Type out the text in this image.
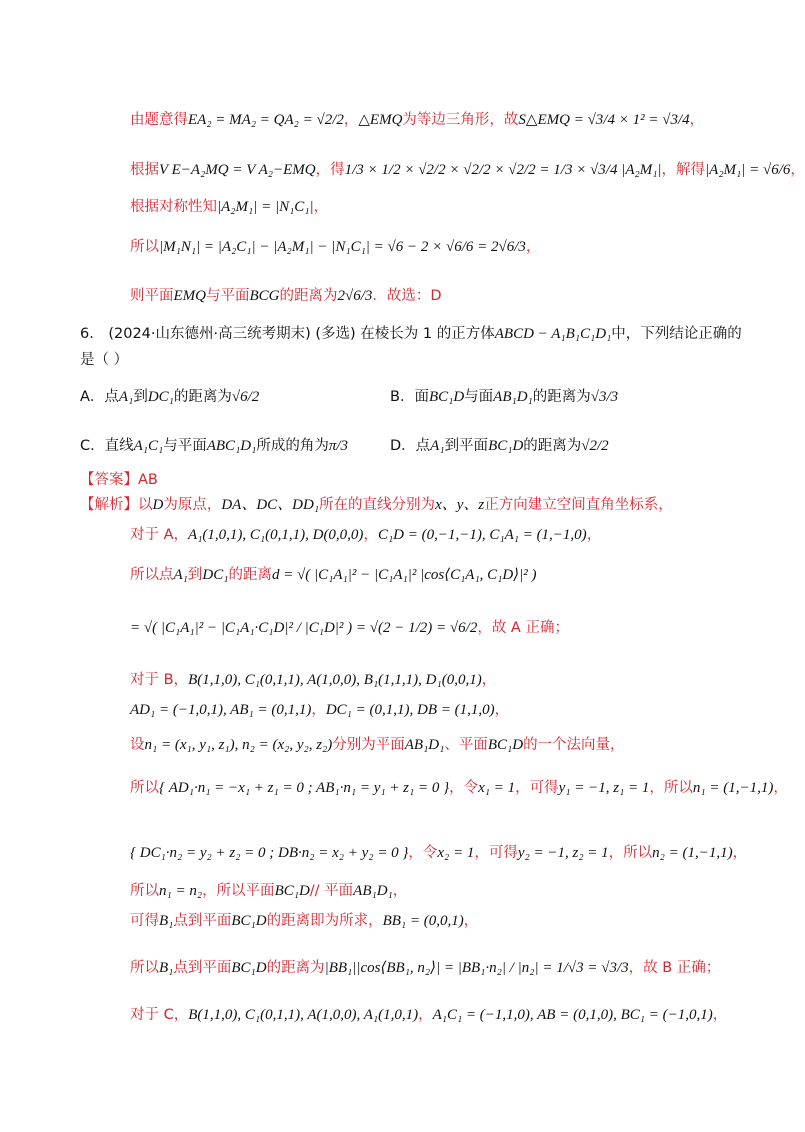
由题意得EA₂ = MA₂ = QA₂ = √2/2，△EMQ为等边三角形，故S△EMQ = √3/4 × 1² = √3/4，
根据V E−A₂MQ = V A₂−EMQ，得1/3 × 1/2 × √2/2 × √2/2 × √2/2 = 1/3 × √3/4 |A₂M₁|，解得|A₂M₁| = √6/6，
根据对称性知|A₂M₁| = |N₁C₁|，
所以|M₁N₁| = |A₂C₁| − |A₂M₁| − |N₁C₁| = √6 − 2 × √6/6 = 2√6/3，
则平面EMQ与平面BCG的距离为2√6/3．故选：D
6． (2024·山东德州·高三统考期末) (多选) 在棱长为 1 的正方体ABCD − A₁B₁C₁D₁中，下列结论正确的
是（ ）
【答案】AB
【解析】以D为原点，DA、DC、DD₁所在的直线分别为x、y、z正方向建立空间直角坐标系，
对于 A，A₁(1,0,1), C₁(0,1,1), D(0,0,0)，C₁D = (0,−1,−1), C₁A₁ = (1,−1,0)，
所以点A₁到DC₁的距离d = √( |C₁A₁|² − |C₁A₁|² |cos⟨C₁A₁, C₁D⟩|² )
= √( |C₁A₁|² − |C₁A₁·C₁D|² / |C₁D|² ) = √(2 − 1/2) = √6/2，故 A 正确；
对于 B，B(1,1,0), C₁(0,1,1), A(1,0,0), B₁(1,1,1), D₁(0,0,1)，
AD₁ = (−1,0,1), AB₁ = (0,1,1)，DC₁ = (0,1,1), DB = (1,1,0)，
设n₁ = (x₁, y₁, z₁), n₂ = (x₂, y₂, z₂)分别为平面AB₁D₁、平面BC₁D的一个法向量，
所以{ AD₁·n₁ = −x₁ + z₁ = 0 ; AB₁·n₁ = y₁ + z₁ = 0 }，令x₁ = 1，可得y₁ = −1, z₁ = 1，所以n₁ = (1,−1,1)，
{ DC₁·n₂ = y₂ + z₂ = 0 ; DB·n₂ = x₂ + y₂ = 0 }，令x₂ = 1，可得y₂ = −1, z₂ = 1，所以n₂ = (1,−1,1)，
所以n₁ = n₂，所以平面BC₁D// 平面AB₁D₁，
可得B₁点到平面BC₁D的距离即为所求，BB₁ = (0,0,1)，
所以B₁点到平面BC₁D的距离为|BB₁||cos⟨BB₁, n₂⟩| = |BB₁·n₂| / |n₂| = 1/√3 = √3/3，故 B 正确；
对于 C，B(1,1,0), C₁(0,1,1), A(1,0,0), A₁(1,0,1)，A₁C₁ = (−1,1,0), AB = (0,1,0), BC₁ = (−1,0,1)，
A．点A₁到DC₁的距离为√6/2	B．面BC₁D与面AB₁D₁的距离为√3/3
C．直线A₁C₁与平面ABC₁D₁所成的角为π/3	D．点A₁到平面BC₁D的距离为√2/2
